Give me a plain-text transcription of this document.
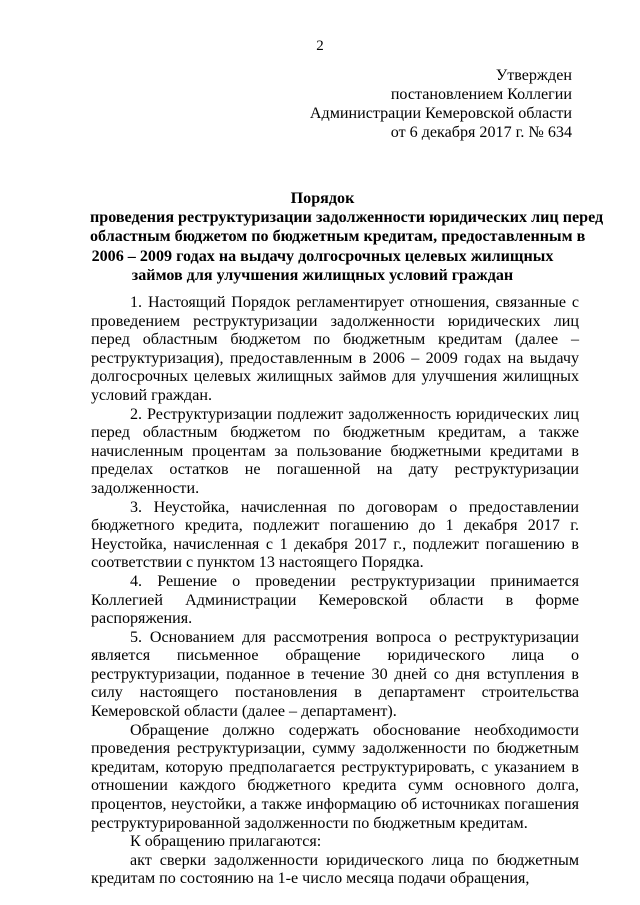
2
Утвержден
постановлением Коллегии
Администрации Кемеровской области
от 6 декабря 2017 г. № 634
Порядок
проведения реструктуризации задолженности юридических лиц перед
областным бюджетом по бюджетным кредитам, предоставленным в
2006 – 2009 годах на выдачу долгосрочных целевых жилищных
займов для улучшения жилищных условий граждан

1. Настоящий Порядок регламентирует отношения, связанные с проведением реструктуризации задолженности юридических лиц перед областным бюджетом по бюджетным кредитам (далее – реструктуризация), предоставленным в 2006 – 2009 годах на выдачу долгосрочных целевых жилищных займов для улучшения жилищных условий граждан.

2. Реструктуризации подлежит задолженность юридических лиц перед областным бюджетом по бюджетным кредитам, а также начисленным процентам за пользование бюджетными кредитами в пределах остатков не погашенной на дату реструктуризации задолженности.

3. Неустойка, начисленная по договорам о предоставлении бюджетного кредита, подлежит погашению до 1 декабря 2017 г. Неустойка, начисленная с 1 декабря 2017 г., подлежит погашению в соответствии с пунктом 13 настоящего Порядка.

4. Решение о проведении реструктуризации принимается Коллегией Администрации Кемеровской области в форме распоряжения.

5. Основанием для рассмотрения вопроса о реструктуризации является письменное обращение юридического лица о реструктуризации, поданное в течение 30 дней со дня вступления в силу настоящего постановления в департамент строительства Кемеровской области (далее – департамент).

Обращение должно содержать обоснование необходимости проведения реструктуризации, сумму задолженности по бюджетным кредитам, которую предполагается реструктурировать, с указанием в отношении каждого бюджетного кредита сумм основного долга, процентов, неустойки, а также информацию об источниках погашения реструктурированной задолженности по бюджетным кредитам.

К обращению прилагаются:

акт сверки задолженности юридического лица по бюджетным кредитам по состоянию на 1-е число месяца подачи обращения,
